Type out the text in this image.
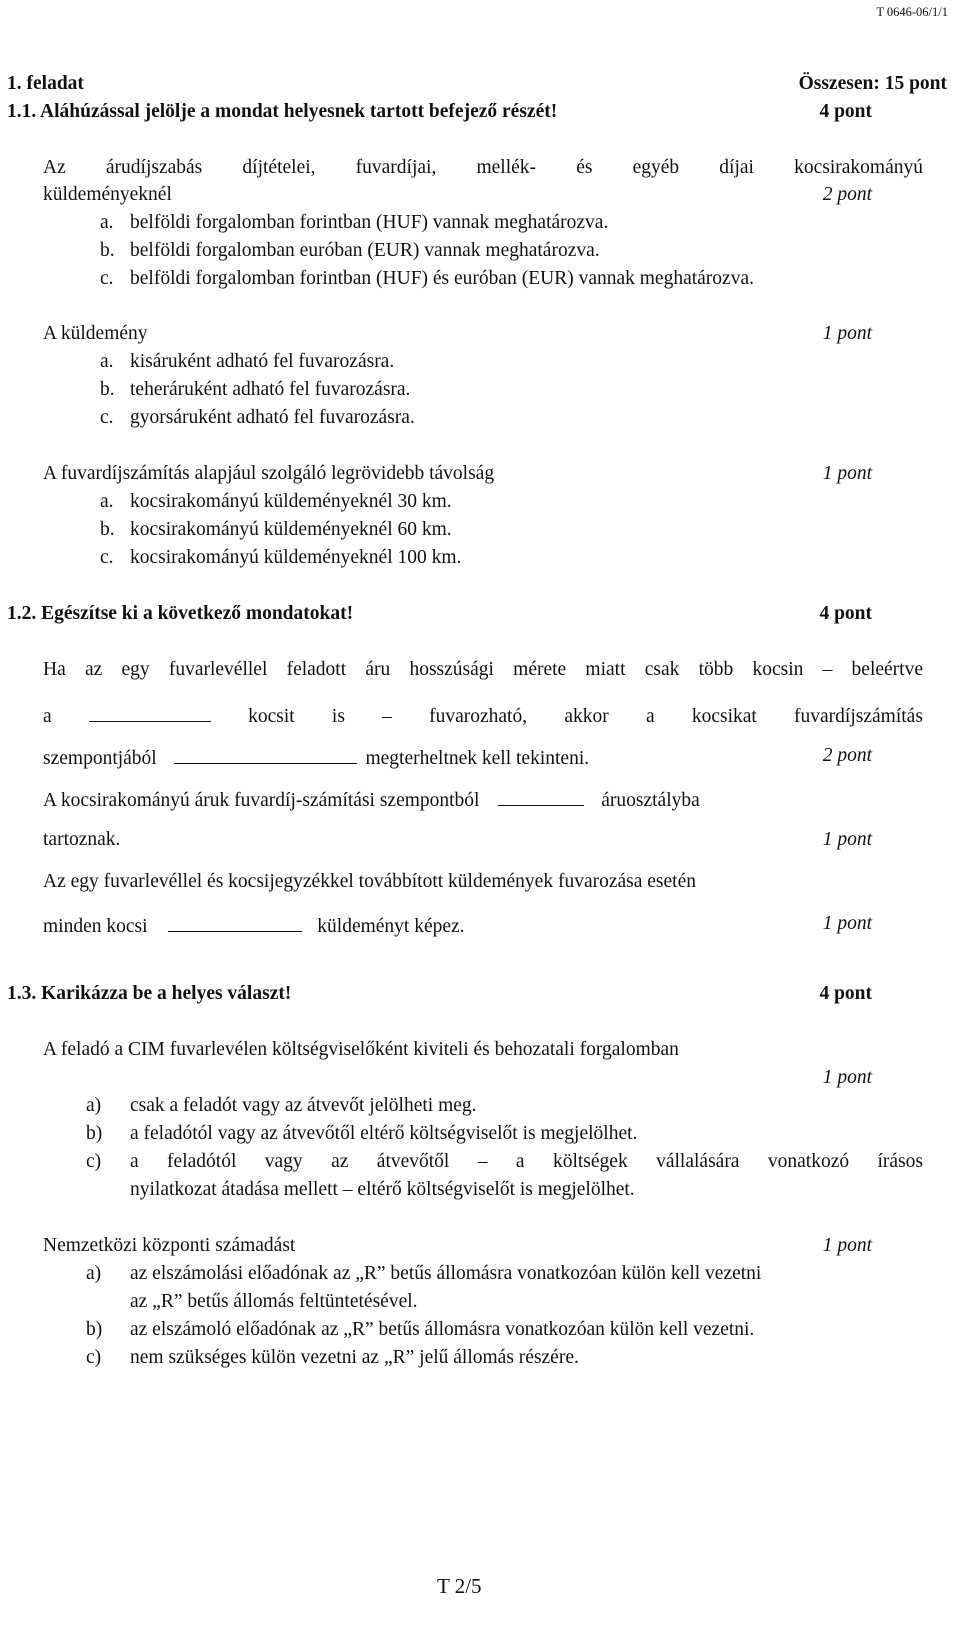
T 0646-06/1/1
1. feladat	Összesen: 15 pont
1.1. Aláhúzással jelölje a mondat helyesnek tartott befejező részét!	4 pont
Az árudíjszabás díjtételei, fuvardíjai, mellék- és egyéb díjai kocsirakományú
küldeményeknél	2 pont
a. belföldi forgalomban forintban (HUF) vannak meghatározva.
b. belföldi forgalomban euróban (EUR) vannak meghatározva.
c. belföldi forgalomban forintban (HUF) és euróban (EUR) vannak meghatározva.
A küldemény	1 pont
a. kisáruként adható fel fuvarozásra.
b. teheráruként adható fel fuvarozásra.
c. gyorsáruként adható fel fuvarozásra.
A fuvardíjszámítás alapjául szolgáló legrövidebb távolság	1 pont
a. kocsirakományú küldeményeknél 30 km.
b. kocsirakományú küldeményeknél 60 km.
c. kocsirakományú küldeményeknél 100 km.
1.2. Egészítse ki a következő mondatokat!	4 pont
Ha az egy fuvarlevéllel feladott áru hosszúsági mérete miatt csak több kocsin – beleértve
a	kocsit is – fuvarozható, akkor a kocsikat fuvardíjszámítás
szempontjából	megterheltnek kell tekinteni.	2 pont
A kocsirakományú áruk fuvardíj-számítási szempontból	áruosztályba
tartoznak.	1 pont
Az egy fuvarlevéllel és kocsijegyzékkel továbbított küldemények fuvarozása esetén
minden kocsi	küldeményt képez.	1 pont
1.3. Karikázza be a helyes választ!	4 pont
A feladó a CIM fuvarlevélen költségviselőként kiviteli és behozatali forgalomban
1 pont
a) csak a feladót vagy az átvevőt jelölheti meg.
b) a feladótól vagy az átvevőtől eltérő költségviselőt is megjelölhet.
c) a feladótól vagy az átvevőtől – a költségek vállalására vonatkozó írásos
nyilatkozat átadása mellett – eltérő költségviselőt is megjelölhet.
Nemzetközi központi számadást	1 pont
a) az elszámolási előadónak az „R” betűs állomásra vonatkozóan külön kell vezetni
az „R” betűs állomás feltüntetésével.
b) az elszámoló előadónak az „R” betűs állomásra vonatkozóan külön kell vezetni.
c) nem szükséges külön vezetni az „R” jelű állomás részére.
T 2/5
